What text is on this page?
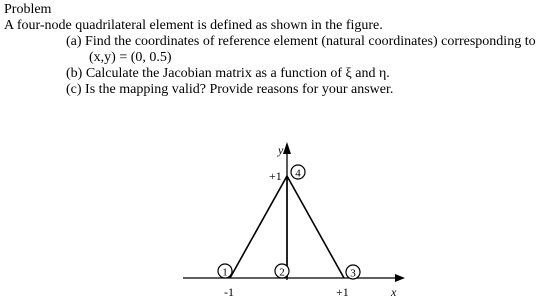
Problem
A four-node quadrilateral element is defined as shown in the figure.
(a) Find the coordinates of reference element (natural coordinates) corresponding to
(x,y) = (0, 0.5)
(b) Calculate the Jacobian matrix as a function of ξ and η.
(c) Is the mapping valid? Provide reasons for your answer.
1	2	3
4
y
+1
-1	+1	x
